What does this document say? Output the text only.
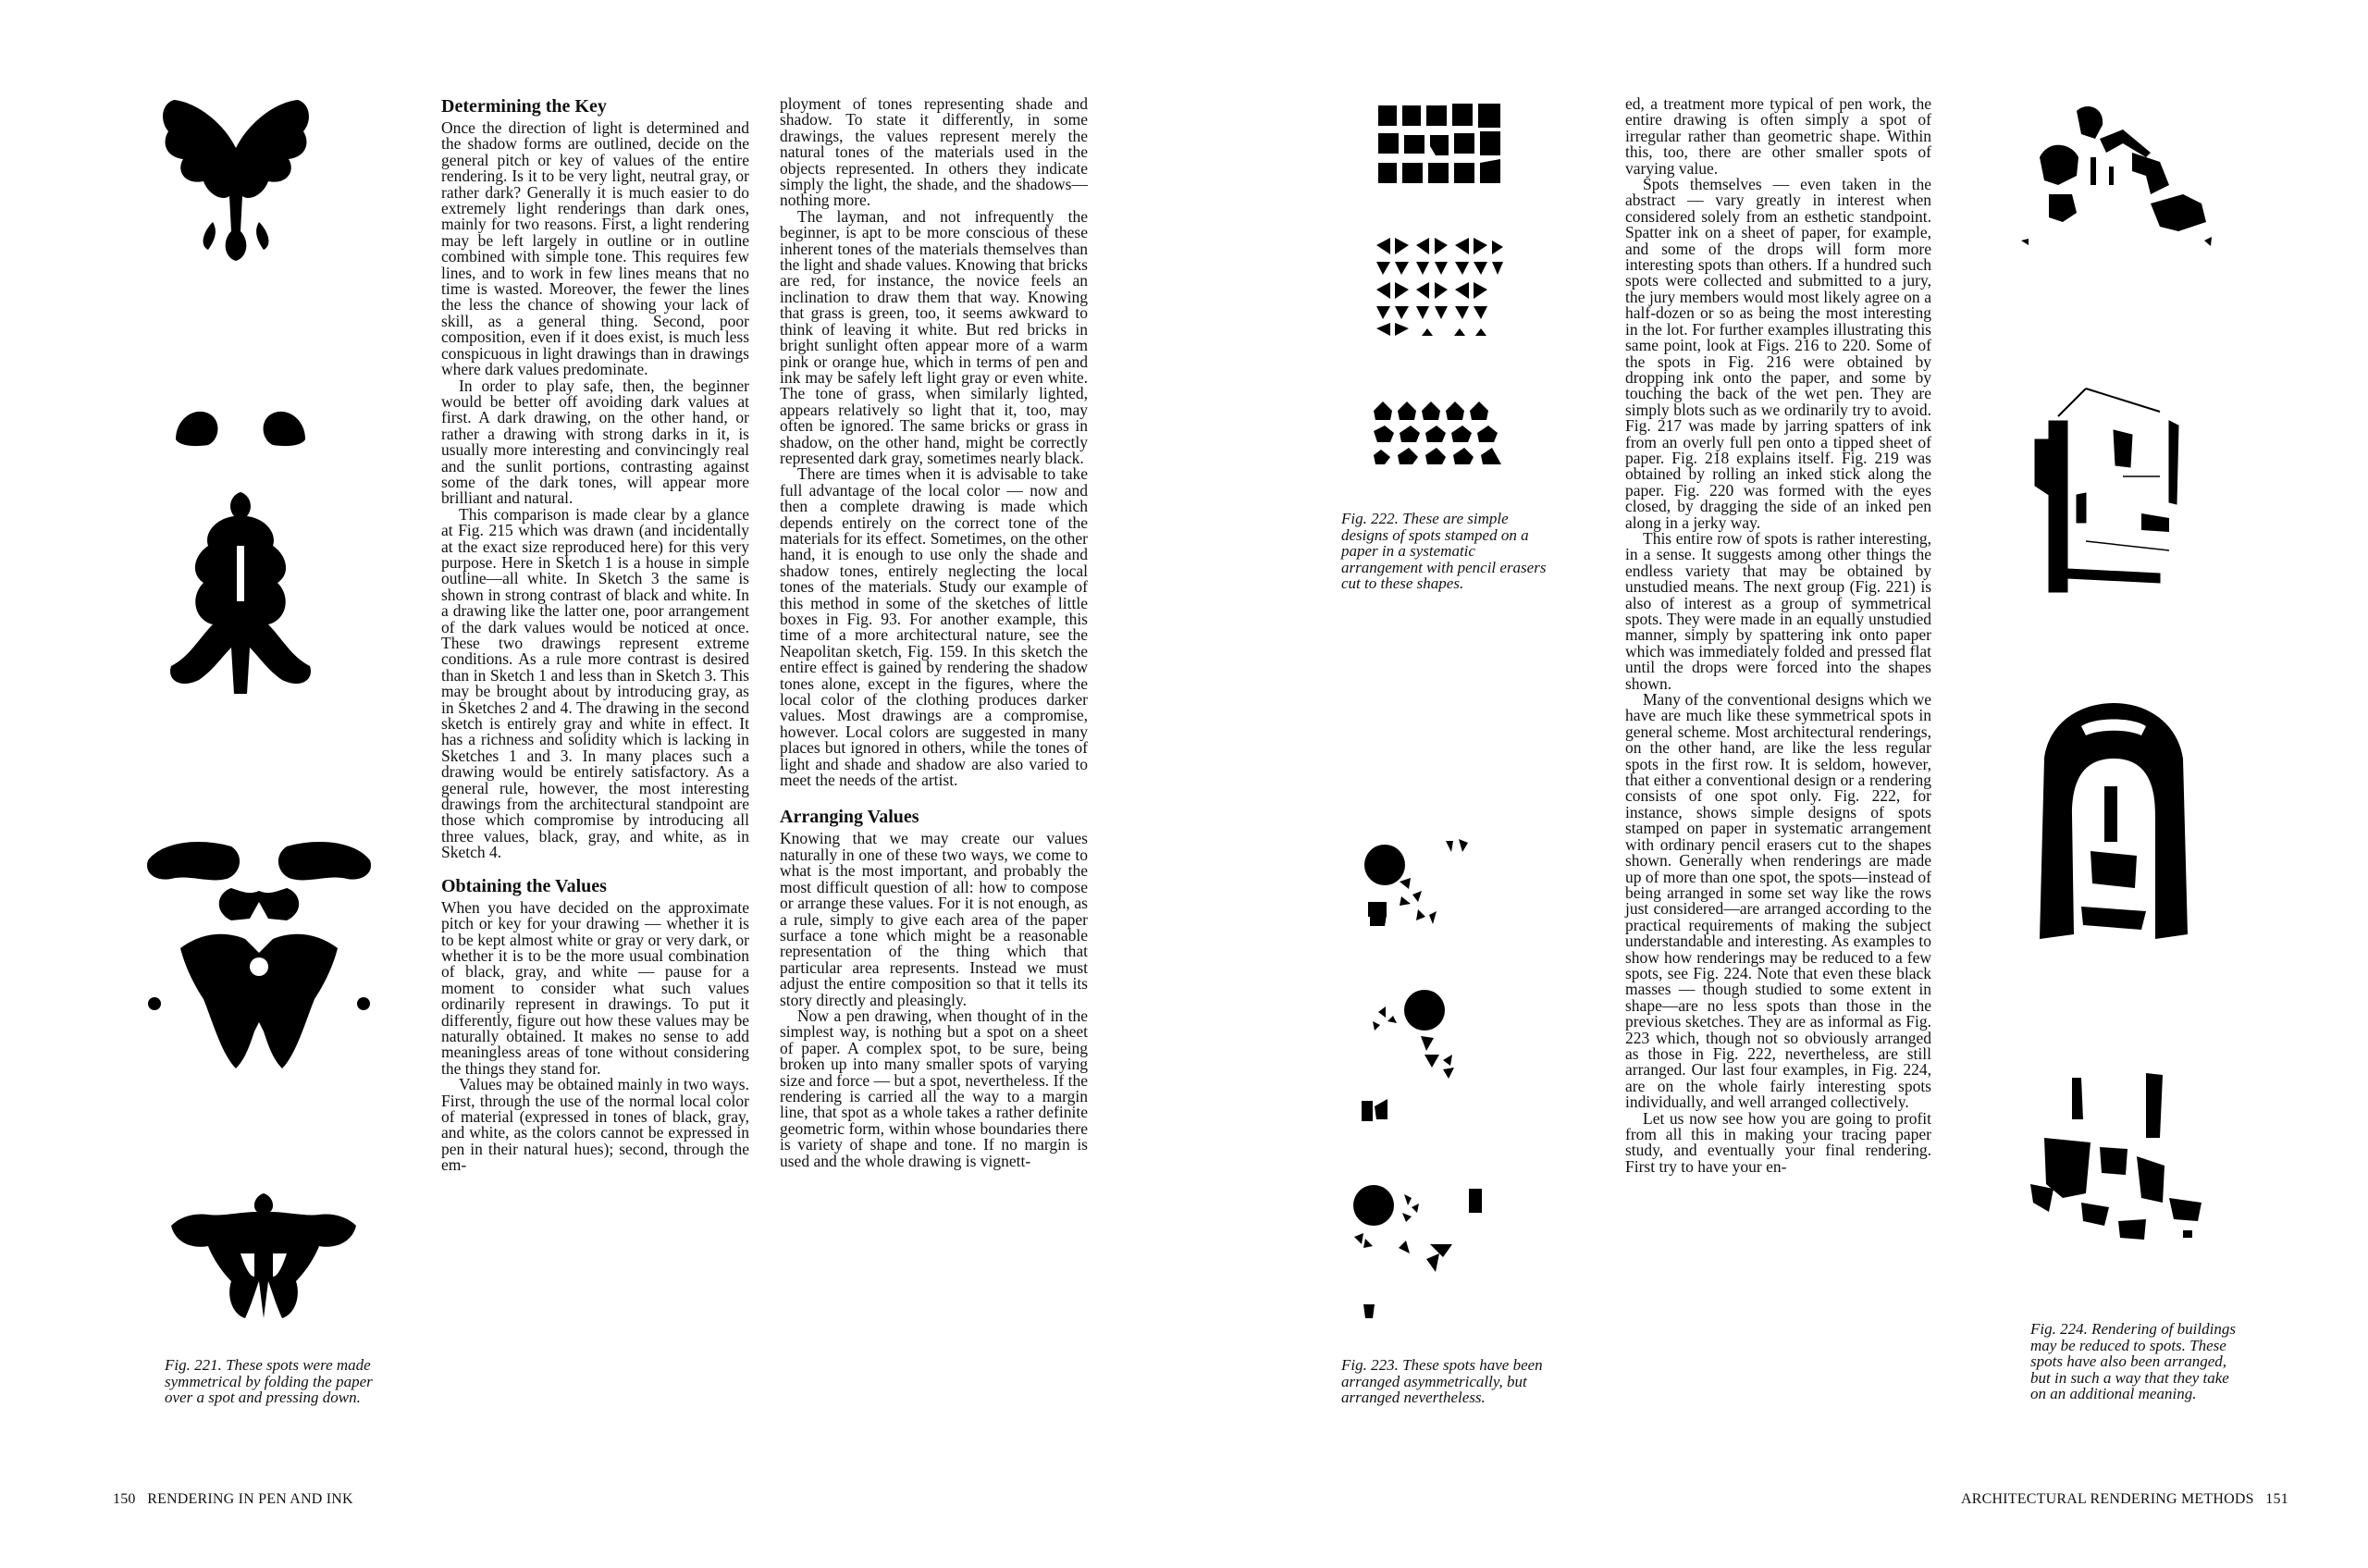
Fig. 221. These spots were made symmetrical by folding the paper over a spot and pressing down.
Determining the Key

Once the direction of light is determined and the shadow forms are outlined, decide on the general pitch or key of values of the entire rendering. Is it to be very light, neutral gray, or rather dark? Generally it is much easier to do extremely light renderings than dark ones, mainly for two reasons. First, a light rendering may be left largely in outline or in outline combined with simple tone. This requires few lines, and to work in few lines means that no time is wasted. Moreover, the fewer the lines the less the chance of showing your lack of skill, as a general thing. Second, poor composition, even if it does exist, is much less conspicuous in light drawings than in drawings where dark values predominate.

In order to play safe, then, the beginner would be better off avoiding dark values at first. A dark drawing, on the other hand, or rather a drawing with strong darks in it, is usually more interesting and convincingly real and the sunlit portions, contrasting against some of the dark tones, will appear more brilliant and natural.

This comparison is made clear by a glance at Fig. 215 which was drawn (and incidentally at the exact size reproduced here) for this very purpose. Here in Sketch 1 is a house in simple outline—all white. In Sketch 3 the same is shown in strong contrast of black and white. In a drawing like the latter one, poor arrangement of the dark values would be noticed at once. These two drawings represent extreme conditions. As a rule more contrast is desired than in Sketch 1 and less than in Sketch 3. This may be brought about by introducing gray, as in Sketches 2 and 4. The drawing in the second sketch is entirely gray and white in effect. It has a richness and solidity which is lacking in Sketches 1 and 3. In many places such a drawing would be entirely satisfactory. As a general rule, however, the most interesting drawings from the architectural standpoint are those which compromise by introducing all three values, black, gray, and white, as in Sketch 4.

Obtaining the Values

When you have decided on the approximate pitch or key for your drawing — whether it is to be kept almost white or gray or very dark, or whether it is to be the more usual combination of black, gray, and white — pause for a moment to consider what such values ordinarily represent in drawings. To put it differently, figure out how these values may be naturally obtained. It makes no sense to add meaningless areas of tone without considering the things they stand for.

Values may be obtained mainly in two ways. First, through the use of the normal local color of material (expressed in tones of black, gray, and white, as the colors cannot be expressed in pen in their natural hues); second, through the em-

ployment of tones representing shade and shadow. To state it differently, in some drawings, the values represent merely the natural tones of the materials used in the objects represented. In others they indicate simply the light, the shade, and the shadows—nothing more.

The layman, and not infrequently the beginner, is apt to be more conscious of these inherent tones of the materials themselves than the light and shade values. Knowing that bricks are red, for instance, the novice feels an inclination to draw them that way. Knowing that grass is green, too, it seems awkward to think of leaving it white. But red bricks in bright sunlight often appear more of a warm pink or orange hue, which in terms of pen and ink may be safely left light gray or even white. The tone of grass, when similarly lighted, appears relatively so light that it, too, may often be ignored. The same bricks or grass in shadow, on the other hand, might be correctly represented dark gray, sometimes nearly black.

There are times when it is advisable to take full advantage of the local color — now and then a complete drawing is made which depends entirely on the correct tone of the materials for its effect. Sometimes, on the other hand, it is enough to use only the shade and shadow tones, entirely neglecting the local tones of the materials. Study our example of this method in some of the sketches of little boxes in Fig. 93. For another example, this time of a more architectural nature, see the Neapolitan sketch, Fig. 159. In this sketch the entire effect is gained by rendering the shadow tones alone, except in the figures, where the local color of the clothing produces darker values. Most drawings are a compromise, however. Local colors are suggested in many places but ignored in others, while the tones of light and shade and shadow are also varied to meet the needs of the artist.

Arranging Values

Knowing that we may create our values naturally in one of these two ways, we come to what is the most important, and probably the most difficult question of all: how to compose or arrange these values. For it is not enough, as a rule, simply to give each area of the paper surface a tone which might be a reasonable representation of the thing which that particular area represents. Instead we must adjust the entire composition so that it tells its story directly and pleasingly.

Now a pen drawing, when thought of in the simplest way, is nothing but a spot on a sheet of paper. A complex spot, to be sure, being broken up into many smaller spots of varying size and force — but a spot, nevertheless. If the rendering is carried all the way to a margin line, that spot as a whole takes a rather definite geometric form, within whose boundaries there is variety of shape and tone. If no margin is used and the whole drawing is vignett-

150   RENDERING IN PEN AND INK
Fig. 222. These are simple designs of spots stamped on a paper in a systematic arrangement with pencil erasers cut to these shapes.
Fig. 223. These spots have been arranged asymmetrically, but arranged nevertheless.

ed, a treatment more typical of pen work, the entire drawing is often simply a spot of irregular rather than geometric shape. Within this, too, there are other smaller spots of varying value.

Spots themselves — even taken in the abstract — vary greatly in interest when considered solely from an esthetic standpoint. Spatter ink on a sheet of paper, for example, and some of the drops will form more interesting spots than others. If a hundred such spots were collected and submitted to a jury, the jury members would most likely agree on a half-dozen or so as being the most interesting in the lot. For further examples illustrating this same point, look at Figs. 216 to 220. Some of the spots in Fig. 216 were obtained by dropping ink onto the paper, and some by touching the back of the wet pen. They are simply blots such as we ordinarily try to avoid. Fig. 217 was made by jarring spatters of ink from an overly full pen onto a tipped sheet of paper. Fig. 218 explains itself. Fig. 219 was obtained by rolling an inked stick along the paper. Fig. 220 was formed with the eyes closed, by dragging the side of an inked pen along in a jerky way.

This entire row of spots is rather interesting, in a sense. It suggests among other things the endless variety that may be obtained by unstudied means. The next group (Fig. 221) is also of interest as a group of symmetrical spots. They were made in an equally unstudied manner, simply by spattering ink onto paper which was immediately folded and pressed flat until the drops were forced into the shapes shown.

Many of the conventional designs which we have are much like these symmetrical spots in general scheme. Most architectural renderings, on the other hand, are like the less regular spots in the first row. It is seldom, however, that either a conventional design or a rendering consists of one spot only. Fig. 222, for instance, shows simple designs of spots stamped on paper in systematic arrangement with ordinary pencil erasers cut to the shapes shown. Generally when renderings are made up of more than one spot, the spots—instead of being arranged in some set way like the rows just considered—are arranged according to the practical requirements of making the subject understandable and interesting. As examples to show how renderings may be reduced to a few spots, see Fig. 224. Note that even these black masses — though studied to some extent in shape—are no less spots than those in the previous sketches. They are as informal as Fig. 223 which, though not so obviously arranged as those in Fig. 222, nevertheless, are still arranged. Our last four examples, in Fig. 224, are on the whole fairly interesting spots individually, and well arranged collectively.

Let us now see how you are going to profit from all this in making your tracing paper study, and eventually your final rendering. First try to have your en-

Fig. 224. Rendering of buildings may be reduced to spots. These spots have also been arranged, but in such a way that they take on an additional meaning.
ARCHITECTURAL RENDERING METHODS   151
